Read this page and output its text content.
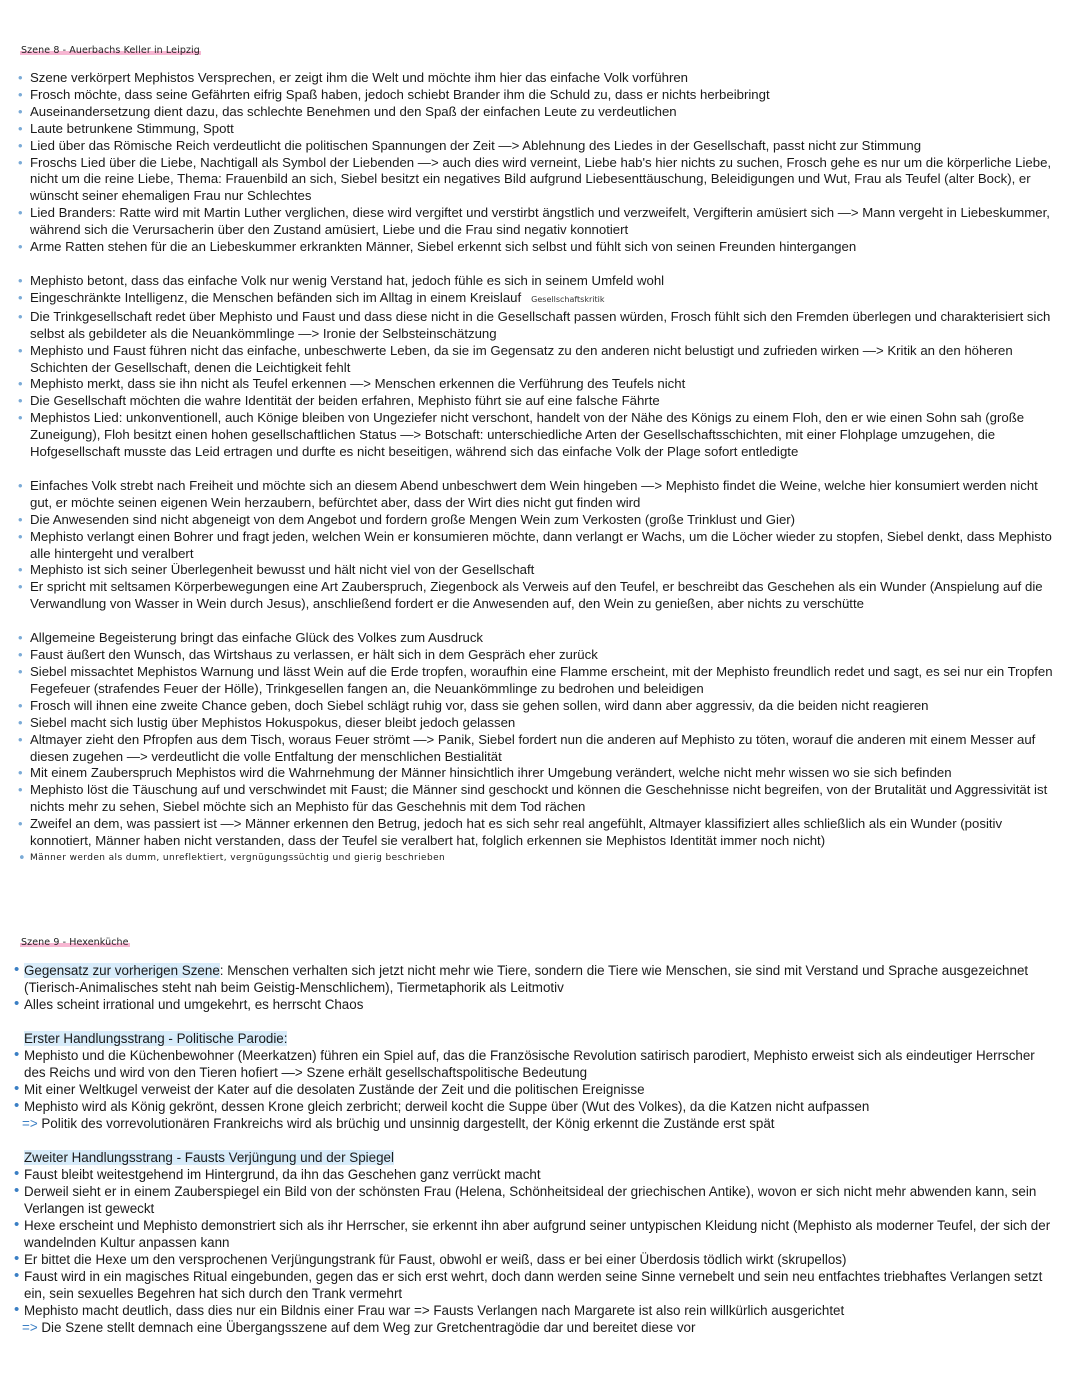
Szene 8 - Auerbachs Keller in Leipzig
• Szene verkörpert Mephistos Versprechen, er zeigt ihm die Welt und möchte ihm hier das einfache Volk vorführen
• Frosch möchte, dass seine Gefährten eifrig Spaß haben, jedoch schiebt Brander ihm die Schuld zu, dass er nichts herbeibringt
• Auseinandersetzung dient dazu, das schlechte Benehmen und den Spaß der einfachen Leute zu verdeutlichen
• Laute betrunkene Stimmung, Spott
• Lied über das Römische Reich verdeutlicht die politischen Spannungen der Zeit —> Ablehnung des Liedes in der Gesellschaft, passt nicht zur Stimmung
• Froschs Lied über die Liebe, Nachtigall als Symbol der Liebenden —> auch dies wird verneint, Liebe hab's hier nichts zu suchen, Frosch gehe es nur um die körperliche Liebe, nicht um die reine Liebe, Thema: Frauenbild an sich, Siebel besitzt ein negatives Bild aufgrund Liebesenttäuschung, Beleidigungen und Wut, Frau als Teufel (alter Bock), er wünscht seiner ehemaligen Frau nur Schlechtes
• Lied Branders: Ratte wird mit Martin Luther verglichen, diese wird vergiftet und verstirbt ängstlich und verzweifelt, Vergifterin amüsiert sich —> Mann vergeht in Liebeskummer, während sich die Verursacherin über den Zustand amüsiert, Liebe und die Frau sind negativ konnotiert
• Arme Ratten stehen für die an Liebeskummer erkrankten Männer, Siebel erkennt sich selbst und fühlt sich von seinen Freunden hintergangen
• Mephisto betont, dass das einfache Volk nur wenig Verstand hat, jedoch fühle es sich in seinem Umfeld wohl
• Eingeschränkte Intelligenz, die Menschen befänden sich im Alltag in einem Kreislauf Gesellschaftskritik
• Die Trinkgesellschaft redet über Mephisto und Faust und dass diese nicht in die Gesellschaft passen würden, Frosch fühlt sich den Fremden überlegen und charakterisiert sich selbst als gebildeter als die Neuankömmlinge —> Ironie der Selbsteinschätzung
• Mephisto und Faust führen nicht das einfache, unbeschwerte Leben, da sie im Gegensatz zu den anderen nicht belustigt und zufrieden wirken —> Kritik an den höheren Schichten der Gesellschaft, denen die Leichtigkeit fehlt
• Mephisto merkt, dass sie ihn nicht als Teufel erkennen —> Menschen erkennen die Verführung des Teufels nicht
• Die Gesellschaft möchten die wahre Identität der beiden erfahren, Mephisto führt sie auf eine falsche Fährte
• Mephistos Lied: unkonventionell, auch Könige bleiben von Ungeziefer nicht verschont, handelt von der Nähe des Königs zu einem Floh, den er wie einen Sohn sah (große Zuneigung), Floh besitzt einen hohen gesellschaftlichen Status —> Botschaft: unterschiedliche Arten der Gesellschaftsschichten, mit einer Flohplage umzugehen, die Hofgesellschaft musste das Leid ertragen und durfte es nicht beseitigen, während sich das einfache Volk der Plage sofort entledigte
• Einfaches Volk strebt nach Freiheit und möchte sich an diesem Abend unbeschwert dem Wein hingeben —> Mephisto findet die Weine, welche hier konsumiert werden nicht gut, er möchte seinen eigenen Wein herzaubern, befürchtet aber, dass der Wirt dies nicht gut finden wird
• Die Anwesenden sind nicht abgeneigt von dem Angebot und fordern große Mengen Wein zum Verkosten (große Trinklust und Gier)
• Mephisto verlangt einen Bohrer und fragt jeden, welchen Wein er konsumieren möchte, dann verlangt er Wachs, um die Löcher wieder zu stopfen, Siebel denkt, dass Mephisto alle hintergeht und veralbert
• Mephisto ist sich seiner Überlegenheit bewusst und hält nicht viel von der Gesellschaft
• Er spricht mit seltsamen Körperbewegungen eine Art Zauberspruch, Ziegenbock als Verweis auf den Teufel, er beschreibt das Geschehen als ein Wunder (Anspielung auf die Verwandlung von Wasser in Wein durch Jesus), anschließend fordert er die Anwesenden auf, den Wein zu genießen, aber nichts zu verschütte
• Allgemeine Begeisterung bringt das einfache Glück des Volkes zum Ausdruck
• Faust äußert den Wunsch, das Wirtshaus zu verlassen, er hält sich in dem Gespräch eher zurück
• Siebel missachtet Mephistos Warnung und lässt Wein auf die Erde tropfen, woraufhin eine Flamme erscheint, mit der Mephisto freundlich redet und sagt, es sei nur ein Tropfen Fegefeuer (strafendes Feuer der Hölle), Trinkgesellen fangen an, die Neuankömmlinge zu bedrohen und beleidigen
• Frosch will ihnen eine zweite Chance geben, doch Siebel schlägt ruhig vor, dass sie gehen sollen, wird dann aber aggressiv, da die beiden nicht reagieren
• Siebel macht sich lustig über Mephistos Hokuspokus, dieser bleibt jedoch gelassen
• Altmayer zieht den Pfropfen aus dem Tisch, woraus Feuer strömt —> Panik, Siebel fordert nun die anderen auf Mephisto zu töten, worauf die anderen mit einem Messer auf diesen zugehen —> verdeutlicht die volle Entfaltung der menschlichen Bestialität
• Mit einem Zauberspruch Mephistos wird die Wahrnehmung der Männer hinsichtlich ihrer Umgebung verändert, welche nicht mehr wissen wo sie sich befinden
• Mephisto löst die Täuschung auf und verschwindet mit Faust; die Männer sind geschockt und können die Geschehnisse nicht begreifen, von der Brutalität und Aggressivität ist nichts mehr zu sehen, Siebel möchte sich an Mephisto für das Geschehnis mit dem Tod rächen
• Zweifel an dem, was passiert ist —> Männer erkennen den Betrug, jedoch hat es sich sehr real angefühlt, Altmayer klassifiziert alles schließlich als ein Wunder (positiv konnotiert, Männer haben nicht verstanden, dass der Teufel sie veralbert hat, folglich erkennen sie Mephistos Identität immer noch nicht)
• Männer werden als dumm, unreflektiert, vergnügungssüchtig und gierig beschrieben
Szene 9 - Hexenküche
• Gegensatz zur vorherigen Szene: Menschen verhalten sich jetzt nicht mehr wie Tiere, sondern die Tiere wie Menschen, sie sind mit Verstand und Sprache ausgezeichnet (Tierisch-Animalisches steht nah beim Geistig-Menschlichem), Tiermetaphorik als Leitmotiv
• Alles scheint irrational und umgekehrt, es herrscht Chaos
Erster Handlungsstrang - Politische Parodie:
• Mephisto und die Küchenbewohner (Meerkatzen) führen ein Spiel auf, das die Französische Revolution satirisch parodiert, Mephisto erweist sich als eindeutiger Herrscher des Reichs und wird von den Tieren hofiert —> Szene erhält gesellschaftspolitische Bedeutung
• Mit einer Weltkugel verweist der Kater auf die desolaten Zustände der Zeit und die politischen Ereignisse
• Mephisto wird als König gekrönt, dessen Krone gleich zerbricht; derweil kocht die Suppe über (Wut des Volkes), da die Katzen nicht aufpassen
=> Politik des vorrevolutionären Frankreichs wird als brüchig und unsinnig dargestellt, der König erkennt die Zustände erst spät
Zweiter Handlungsstrang - Fausts Verjüngung und der Spiegel
• Faust bleibt weitestgehend im Hintergrund, da ihn das Geschehen ganz verrückt macht
• Derweil sieht er in einem Zauberspiegel ein Bild von der schönsten Frau (Helena, Schönheitsideal der griechischen Antike), wovon er sich nicht mehr abwenden kann, sein Verlangen ist geweckt
• Hexe erscheint und Mephisto demonstriert sich als ihr Herrscher, sie erkennt ihn aber aufgrund seiner untypischen Kleidung nicht (Mephisto als moderner Teufel, der sich der wandelnden Kultur anpassen kann
• Er bittet die Hexe um den versprochenen Verjüngungstrank für Faust, obwohl er weiß, dass er bei einer Überdosis tödlich wirkt (skrupellos)
• Faust wird in ein magisches Ritual eingebunden, gegen das er sich erst wehrt, doch dann werden seine Sinne vernebelt und sein neu entfachtes triebhaftes Verlangen setzt ein, sein sexuelles Begehren hat sich durch den Trank vermehrt
• Mephisto macht deutlich, dass dies nur ein Bildnis einer Frau war => Fausts Verlangen nach Margarete ist also rein willkürlich ausgerichtet
=> Die Szene stellt demnach eine Übergangsszene auf dem Weg zur Gretchentragödie dar und bereitet diese vor
